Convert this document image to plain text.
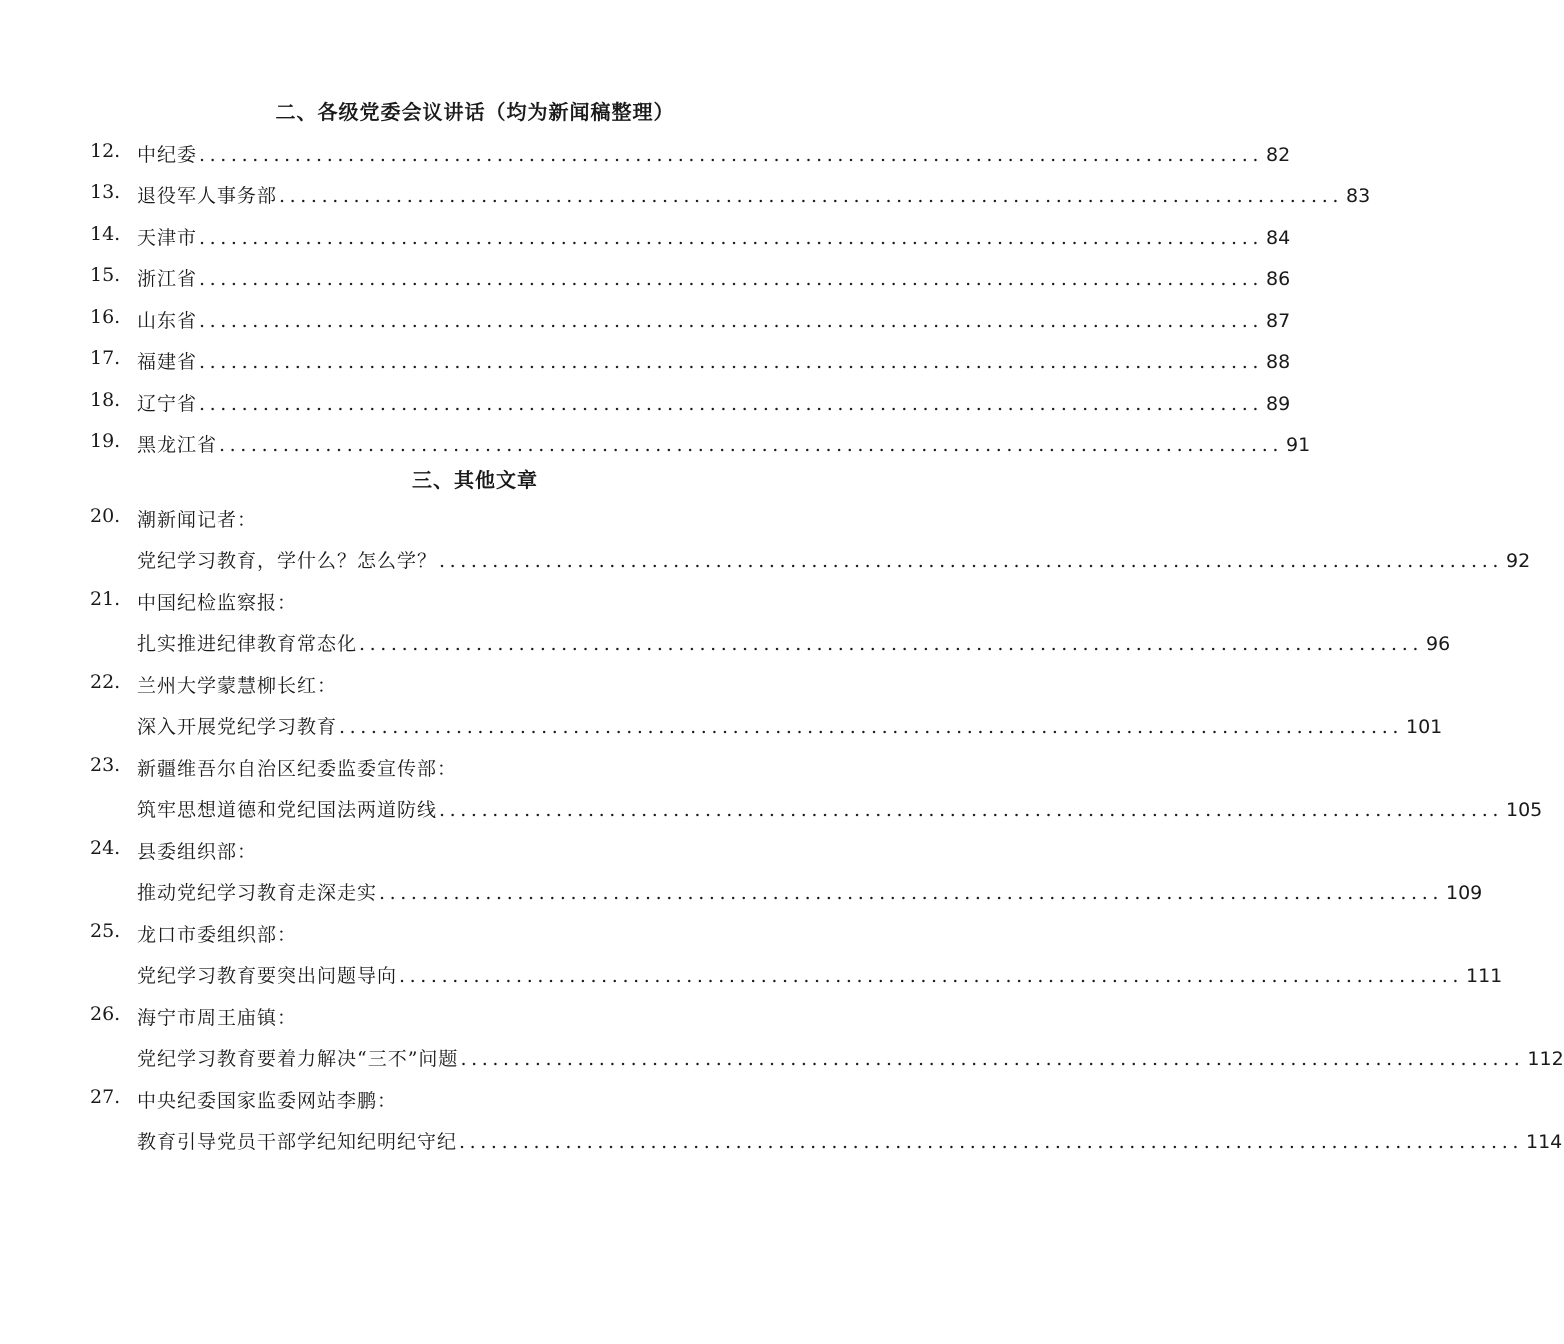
二、各级党委会议讲话（均为新闻稿整理）
12. 中纪委 .................................................................................................... 82
13. 退役军人事务部 .................................................................................................... 83
14. 天津市 .................................................................................................... 84
15. 浙江省 .................................................................................................... 86
16. 山东省 .................................................................................................... 87
17. 福建省 .................................................................................................... 88
18. 辽宁省 .................................................................................................... 89
19. 黑龙江省 .................................................................................................... 91
三、其他文章
20. 潮新闻记者：
党纪学习教育，学什么？怎么学？ .................................................................................................... 92
21. 中国纪检监察报：
扎实推进纪律教育常态化 .................................................................................................... 96
22. 兰州大学蒙慧柳长红：
深入开展党纪学习教育 .................................................................................................... 101
23. 新疆维吾尔自治区纪委监委宣传部：
筑牢思想道德和党纪国法两道防线 .................................................................................................... 105
24. 县委组织部：
推动党纪学习教育走深走实 .................................................................................................... 109
25. 龙口市委组织部：
党纪学习教育要突出问题导向 .................................................................................................... 111
26. 海宁市周王庙镇：
党纪学习教育要着力解决“三不”问题 .................................................................................................... 112
27. 中央纪委国家监委网站李鹏：
教育引导党员干部学纪知纪明纪守纪 .................................................................................................... 114
